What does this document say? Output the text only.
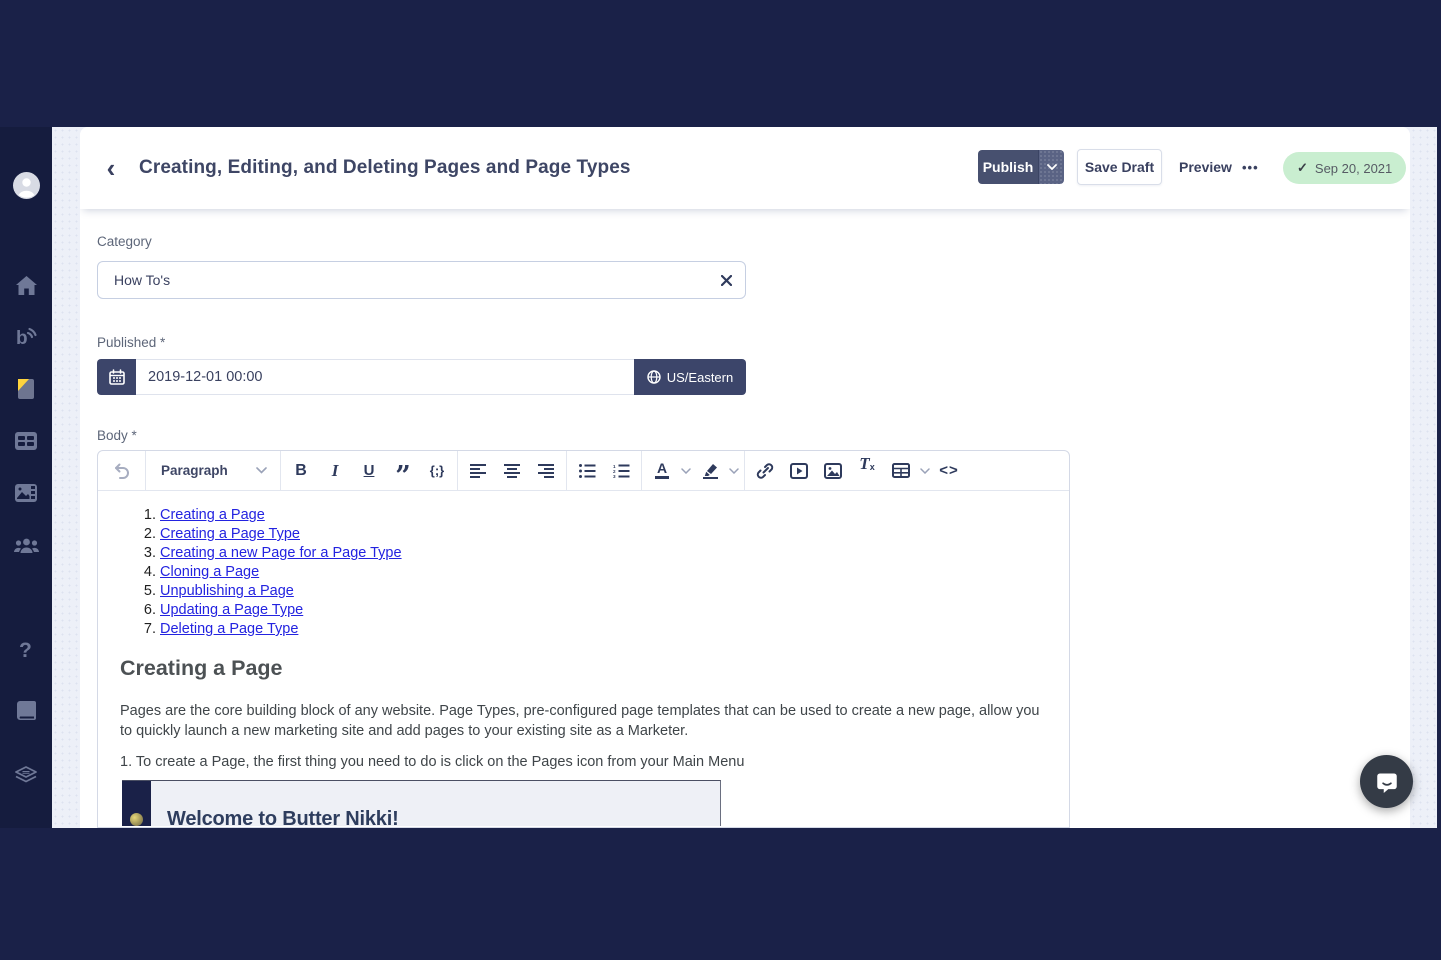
b
?
‹ Creating, Editing, and Deleting Pages and Page Types	Publish	Save Draft	Preview •••	✓ Sep 20, 2021
Category
How To's
Published *
2019-12-01 00:00
US/Eastern
Body *
Paragraph	B	I	U ”	{;}	1
2
3	A	T x	<>
1. Creating a Page
2. Creating a Page Type
3. Creating a new Page for a Page Type
4. Cloning a Page
5. Unpublishing a Page
6. Updating a Page Type
7. Deleting a Page Type
Creating a Page

Pages are the core building block of any website. Page Types, pre-configured page templates that can be used to create a new page, allow you to quickly launch a new marketing site and add pages to your existing site as a Marketer.

1. To create a Page, the first thing you need to do is click on the Pages icon from your Main Menu

Welcome to Butter Nikki!
